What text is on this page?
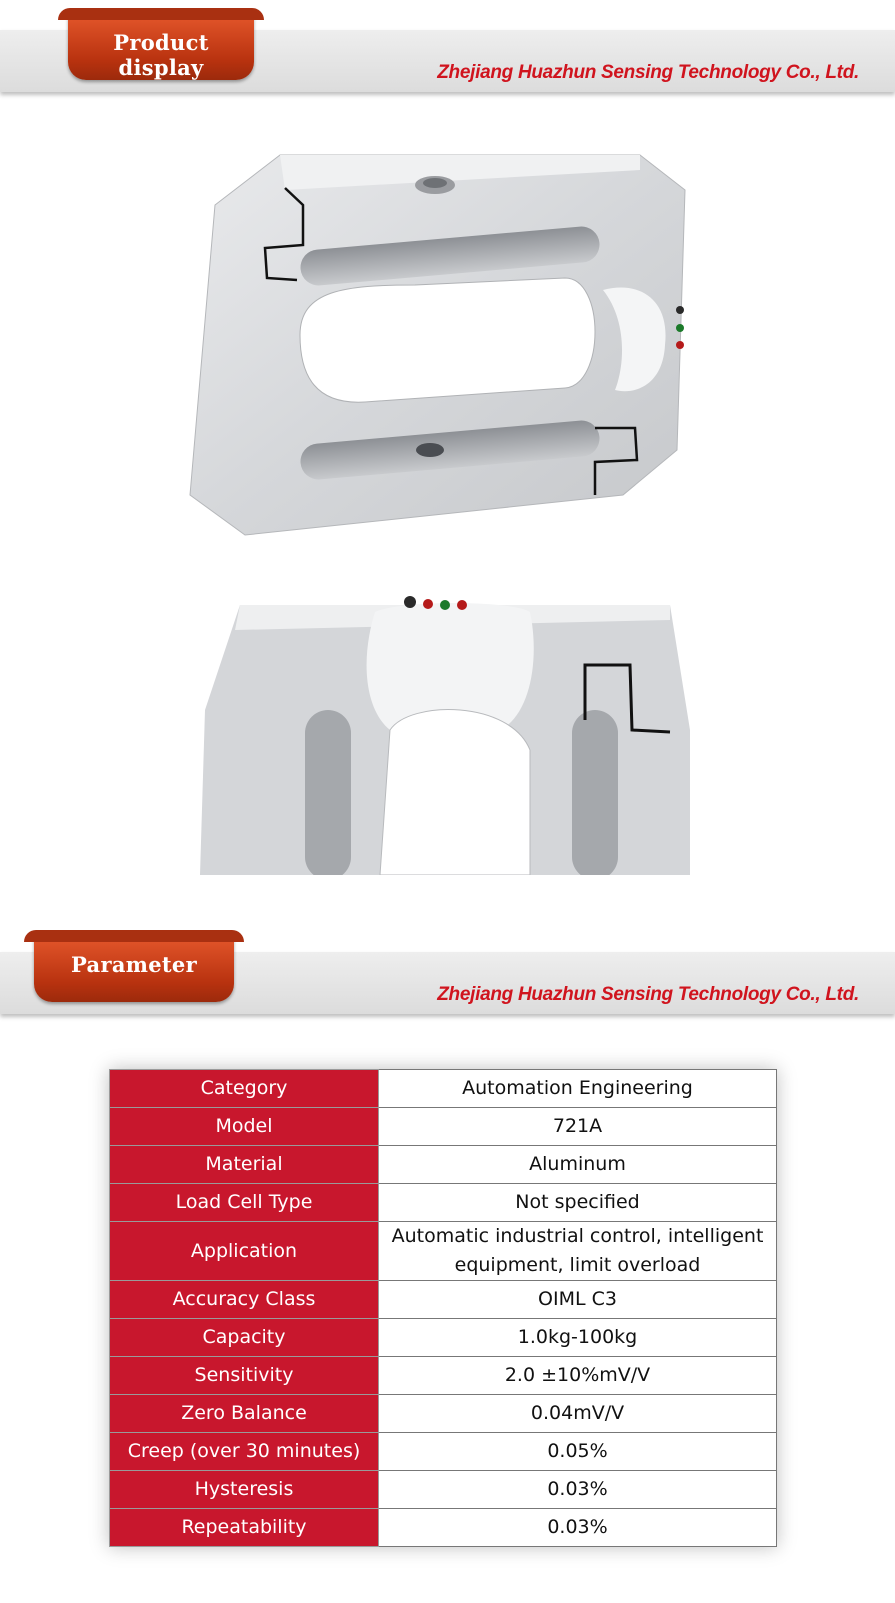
Product display	Zhejiang Huazhun Sensing Technology Co., Ltd.
Parameter
Zhejiang Huazhun Sensing Technology Co., Ltd.
Category	Automation Engineering
Model	721A
Material	Aluminum
Load Cell Type	Not specified
Application	Automatic industrial control, intelligent equipment, limit overload
Accuracy Class	OIML C3
Capacity	1.0kg-100kg
Sensitivity	2.0 ±10%mV/V
Zero Balance	0.04mV/V
Creep (over 30 minutes)	0.05%
Hysteresis	0.03%
Repeatability	0.03%
